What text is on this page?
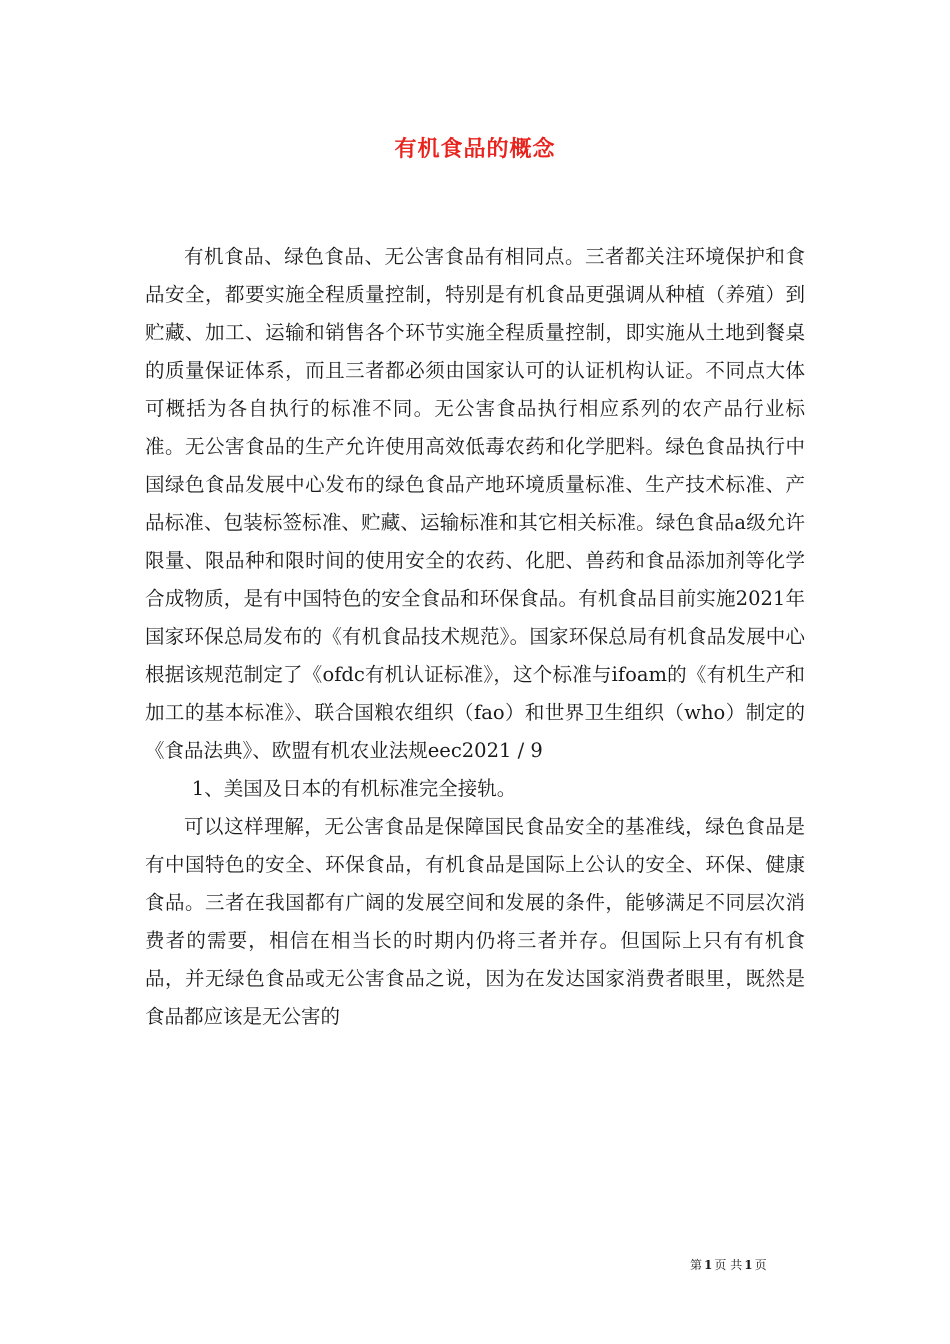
有机食品的概念

有机食品、绿色食品、无公害食品有相同点。三者都关注环境保护和食品安全，都要实施全程质量控制，特别是有机食品更强调从种植（养殖）到贮藏、加工、运输和销售各个环节实施全程质量控制，即实施从土地到餐桌的质量保证体系，而且三者都必须由国家认可的认证机构认证。不同点大体可概括为各自执行的标准不同。无公害食品执行相应系列的农产品行业标准。无公害食品的生产允许使用高效低毒农药和化学肥料。绿色食品执行中国绿色食品发展中心发布的绿色食品产地环境质量标准、生产技术标准、产品标准、包装标签标准、贮藏、运输标准和其它相关标准。绿色食品a级允许限量、限品种和限时间的使用安全的农药、化肥、兽药和食品添加剂等化学合成物质，是有中国特色的安全食品和环保食品。有机食品目前实施2021年国家环保总局发布的《有机食品技术规范》。国家环保总局有机食品发展中心根据该规范制定了《ofdc有机认证标准》，这个标准与ifoam的《有机生产和加工的基本标准》、联合国粮农组织（fao）和世界卫生组织（who）制定的《食品法典》、欧盟有机农业法规eec2021 / 9

1、美国及日本的有机标准完全接轨。

可以这样理解，无公害食品是保障国民食品安全的基准线，绿色食品是有中国特色的安全、环保食品，有机食品是国际上公认的安全、环保、健康食品。三者在我国都有广阔的发展空间和发展的条件，能够满足不同层次消费者的需要，相信在相当长的时期内仍将三者并存。但国际上只有有机食品，并无绿色食品或无公害食品之说，因为在发达国家消费者眼里，既然是食品都应该是无公害的

第 1 页 共 1 页
